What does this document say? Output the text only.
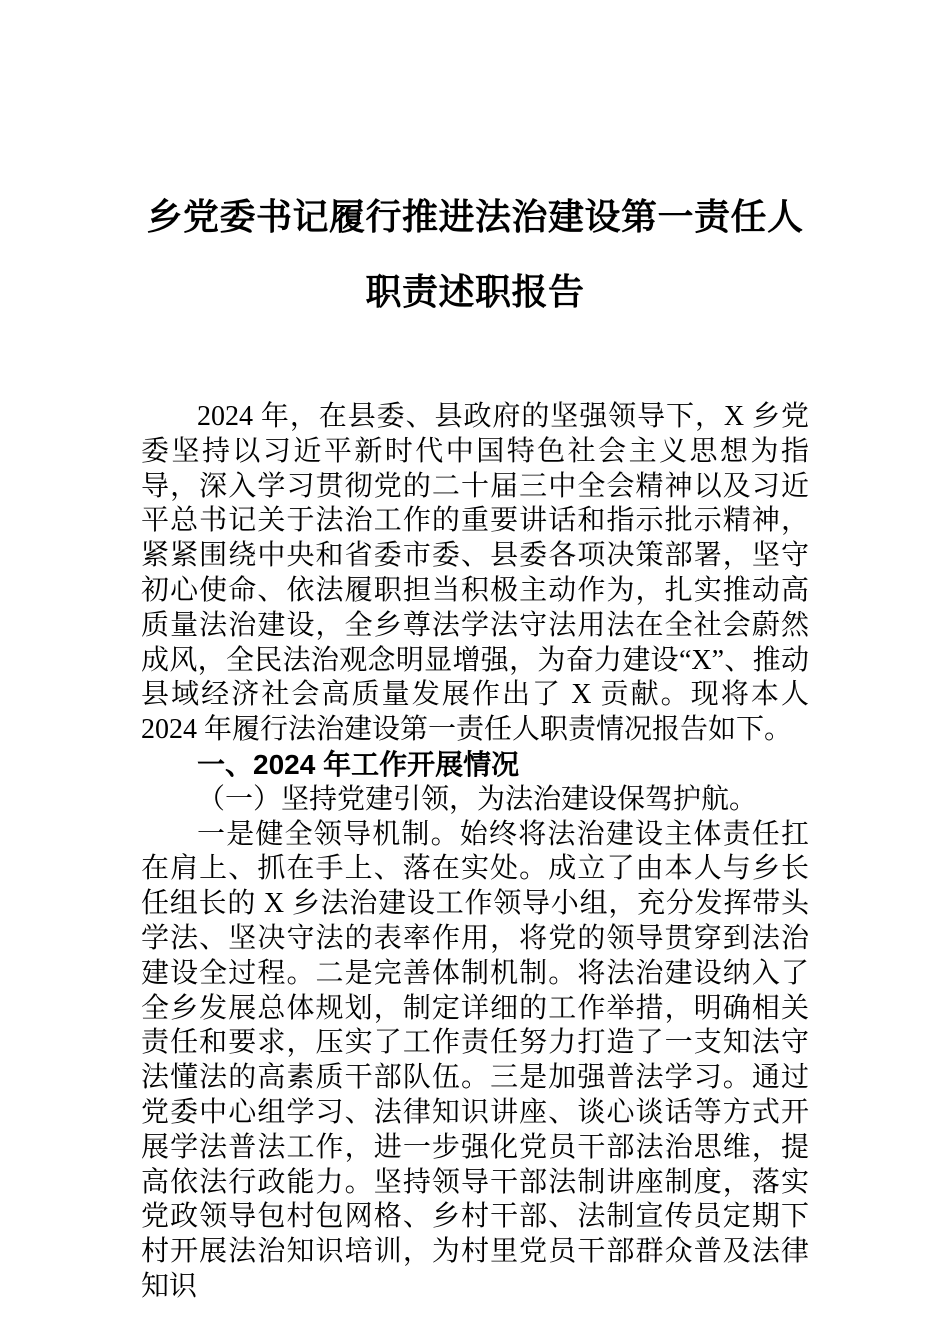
乡党委书记履行推进法治建设第一责任人
职责述职报告

2024 年，在县委、县政府的坚强领导下，X 乡党委坚持以习近平新时代中国特色社会主义思想为指导，深入学习贯彻党的二十届三中全会精神以及习近平总书记关于法治工作的重要讲话和指示批示精神，紧紧围绕中央和省委市委、县委各项决策部署，坚守初心使命、依法履职担当积极主动作为，扎实推动高质量法治建设，全乡尊法学法守法用法在全社会蔚然成风，全民法治观念明显增强，为奋力建设“X”、推动县域经济社会高质量发展作出了 X 贡献。现将本人 2024 年履行法治建设第一责任人职责情况报告如下。

一、2024 年工作开展情况

（一）坚持党建引领，为法治建设保驾护航。

一是健全领导机制。始终将法治建设主体责任扛在肩上、抓在手上、落在实处。成立了由本人与乡长任组长的 X 乡法治建设工作领导小组，充分发挥带头学法、坚决守法的表率作用，将党的领导贯穿到法治建设全过程。二是完善体制机制。将法治建设纳入了全乡发展总体规划，制定详细的工作举措，明确相关责任和要求，压实了工作责任努力打造了一支知法守法懂法的高素质干部队伍。三是加强普法学习。通过党委中心组学习、法律知识讲座、谈心谈话等方式开展学法普法工作，进一步强化党员干部法治思维，提高依法行政能力。坚持领导干部法制讲座制度，落实党政领导包村包网格、乡村干部、法制宣传员定期下村开展法治知识培训，为村里党员干部群众普及法律知识
